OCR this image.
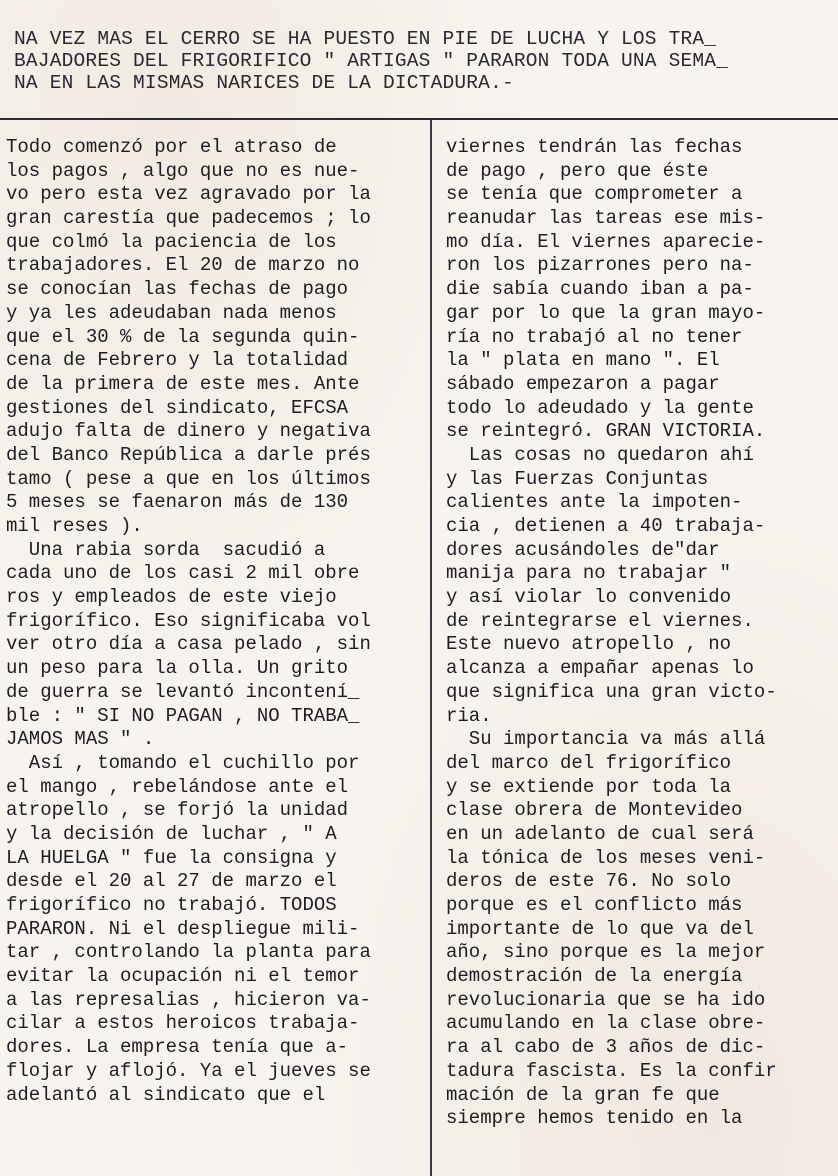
NA VEZ MAS EL CERRO SE HA PUESTO EN PIE DE LUCHA Y LOS TRA_
BAJADORES DEL FRIGORIFICO " ARTIGAS " PARARON TODA UNA SEMA_
NA EN LAS MISMAS NARICES DE LA DICTADURA.-
Todo comenzó por el atraso de
los pagos , algo que no es nue-
vo pero esta vez agravado por la
gran carestía que padecemos ; lo
que colmó la paciencia de los
trabajadores. El 20 de marzo no
se conocían las fechas de pago
y ya les adeudaban nada menos
que el 30 % de la segunda quin-
cena de Febrero y la totalidad
de la primera de este mes. Ante
gestiones del sindicato, EFCSA
adujo falta de dinero y negativa
del Banco República a darle prés
tamo ( pese a que en los últimos
5 meses se faenaron más de 130
mil reses ).
Una rabia sorda  sacudió a
cada uno de los casi 2 mil obre
ros y empleados de este viejo
frigorífico. Eso significaba vol
ver otro día a casa pelado , sin
un peso para la olla. Un grito
de guerra se levantó incontení_
ble : " SI NO PAGAN , NO TRABA_
JAMOS MAS " .
Así , tomando el cuchillo por
el mango , rebelándose ante el
atropello , se forjó la unidad
y la decisión de luchar , " A
LA HUELGA " fue la consigna y
desde el 20 al 27 de marzo el
frigorífico no trabajó. TODOS
PARARON. Ni el despliegue mili-
tar , controlando la planta para
evitar la ocupación ni el temor
a las represalias , hicieron va-
cilar a estos heroicos trabaja-
dores. La empresa tenía que a-
flojar y aflojó. Ya el jueves se
adelantó al sindicato que el
viernes tendrán las fechas
de pago , pero que éste
se tenía que comprometer a
reanudar las tareas ese mis-
mo día. El viernes aparecie-
ron los pizarrones pero na-
die sabía cuando iban a pa-
gar por lo que la gran mayo-
ría no trabajó al no tener
la " plata en mano ". El
sábado empezaron a pagar
todo lo adeudado y la gente
se reintegró. GRAN VICTORIA.
Las cosas no quedaron ahí
y las Fuerzas Conjuntas
calientes ante la impoten-
cia , detienen a 40 trabaja-
dores acusándoles de"dar
manija para no trabajar "
y así violar lo convenido
de reintegrarse el viernes.
Este nuevo atropello , no
alcanza a empañar apenas lo
que significa una gran victo-
ria.
Su importancia va más allá
del marco del frigorífico
y se extiende por toda la
clase obrera de Montevideo
en un adelanto de cual será
la tónica de los meses veni-
deros de este 76. No solo
porque es el conflicto más
importante de lo que va del
año, sino porque es la mejor
demostración de la energía
revolucionaria que se ha ido
acumulando en la clase obre-
ra al cabo de 3 años de dic-
tadura fascista. Es la confir
mación de la gran fe que
siempre hemos tenido en la
